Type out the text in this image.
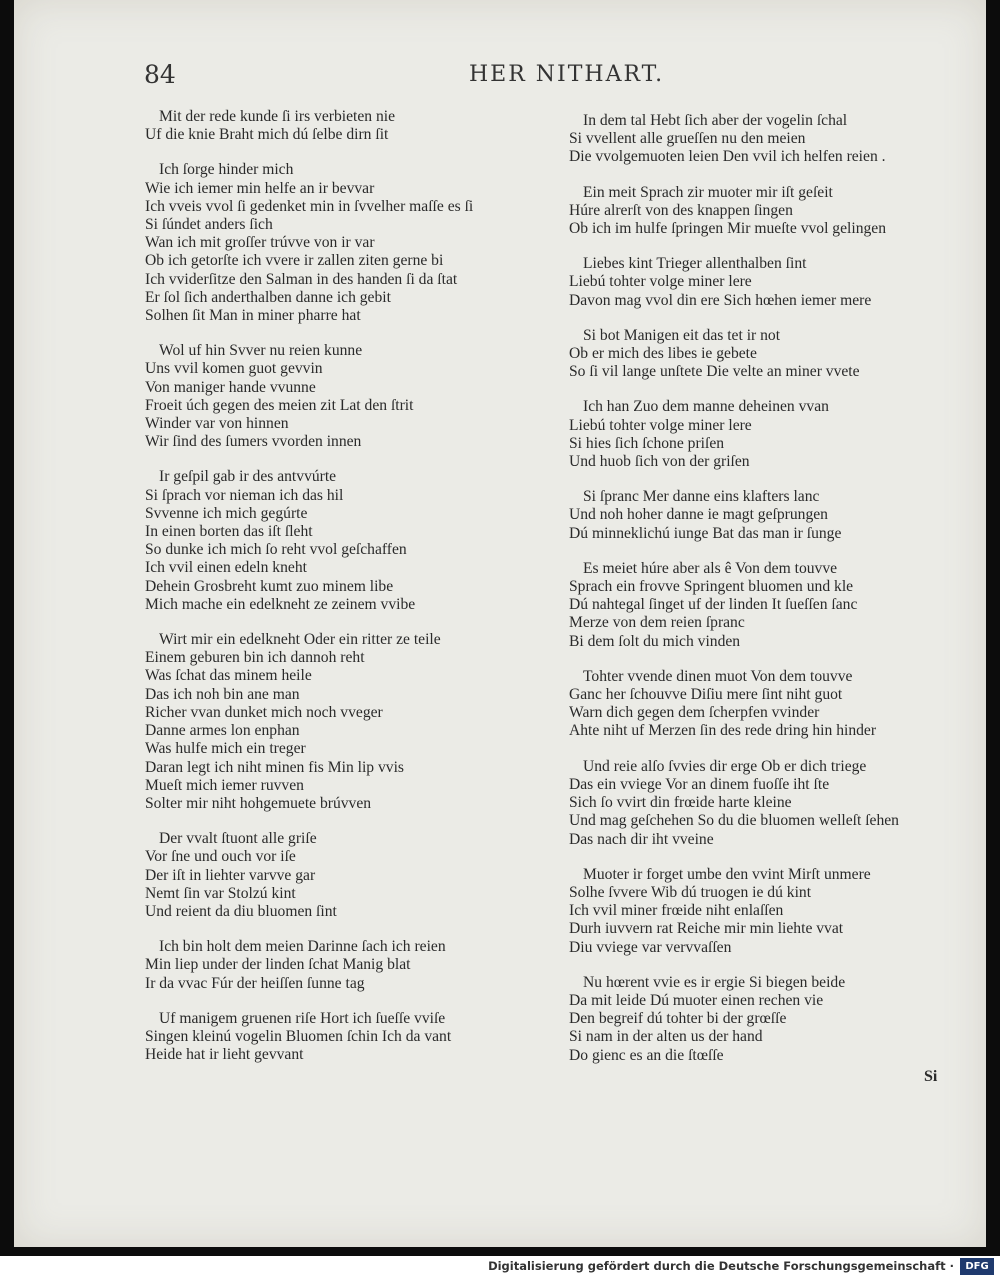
84	HER NITHART.
Mit der rede kunde ſi irs verbieten nie
Uf die knie Braht mich dú ſelbe dirn ſit
Ich ſorge hinder mich
Wie ich iemer min helfe an ir bevvar
Ich vveis vvol ſi gedenket min in ſvvelher maſſe es ſi
Si ſúndet anders ſich
Wan ich mit groſſer trúvve von ir var
Ob ich getorſte ich vvere ir zallen ziten gerne bi
Ich vviderſitze den Salman in des handen ſi da ſtat
Er ſol ſich anderthalben danne ich gebit
Solhen ſit Man in miner pharre hat
Wol uf hin Svver nu reien kunne
Uns vvil komen guot gevvin
Von maniger hande vvunne
Froeit úch gegen des meien zit Lat den ſtrit
Winder var von hinnen
Wir ſind des ſumers vvorden innen
Ir geſpil gab ir des antvvúrte
Si ſprach vor nieman ich das hil
Svvenne ich mich gegúrte
In einen borten das iſt ſleht
So dunke ich mich ſo reht vvol geſchaffen
Ich vvil einen edeln kneht
Dehein Grosbreht kumt zuo minem libe
Mich mache ein edelkneht ze zeinem vvibe
Wirt mir ein edelkneht Oder ein ritter ze teile
Einem geburen bin ich dannoh reht
Was ſchat das minem heile
Das ich noh bin ane man
Richer vvan dunket mich noch vveger
Danne armes lon enphan
Was hulfe mich ein treger
Daran legt ich niht minen fis Min lip vvis
Mueſt mich iemer ruvven
Solter mir niht hohgemuete brúvven
Der vvalt ſtuont alle griſe
Vor ſne und ouch vor iſe
Der iſt in liehter varvve gar
Nemt ſin var Stolzú kint
Und reient da diu bluomen ſint
Ich bin holt dem meien Darinne ſach ich reien
Min liep under der linden ſchat Manig blat
Ir da vvac Fúr der heiſſen ſunne tag
Uf manigem gruenen riſe Hort ich ſueſſe vviſe
Singen kleinú vogelin Bluomen ſchin Ich da vant
Heide hat ir lieht gevvant
In dem tal Hebt ſich aber der vogelin ſchal
Si vvellent alle grueſſen nu den meien
Die vvolgemuoten leien Den vvil ich helfen reien .
Ein meit Sprach zir muoter mir iſt geſeit
Húre alrerſt von des knappen ſingen
Ob ich im hulfe ſpringen Mir mueſte vvol gelingen
Liebes kint Trieger allenthalben ſint
Liebú tohter volge miner lere
Davon mag vvol din ere Sich hœhen iemer mere
Si bot Manigen eit das tet ir not
Ob er mich des libes ie gebete
So ſi vil lange unſtete Die velte an miner vvete
Ich han Zuo dem manne deheinen vvan
Liebú tohter volge miner lere
Si hies ſich ſchone priſen
Und huob ſich von der griſen
Si ſpranc Mer danne eins klafters lanc
Und noh hoher danne ie magt geſprungen
Dú minneklichú iunge Bat das man ir ſunge
Es meiet húre aber als ê Von dem touvve
Sprach ein frovve Springent bluomen und kle
Dú nahtegal ſinget uf der linden It ſueſſen ſanc
Merze von dem reien ſpranc
Bi dem ſolt du mich vinden
Tohter vvende dinen muot Von dem touvve
Ganc her ſchouvve Diſiu mere ſint niht guot
Warn dich gegen dem ſcherpfen vvinder
Ahte niht uf Merzen ſin des rede dring hin hinder
Und reie alſo ſvvies dir erge Ob er dich triege
Das ein vviege Vor an dinem fuoſſe iht ſte
Sich ſo vvirt din frœide harte kleine
Und mag geſchehen So du die bluomen welleſt ſehen
Das nach dir iht vveine
Muoter ir forget umbe den vvint Mirſt unmere
Solhe ſvvere Wib dú truogen ie dú kint
Ich vvil miner frœide niht enlaſſen
Durh iuvvern rat Reiche mir min liehte vvat
Diu vviege var vervvaſſen
Nu hœrent vvie es ir ergie Si biegen beide
Da mit leide Dú muoter einen rechen vie
Den begreif dú tohter bi der grœſſe
Si nam in der alten us der hand
Do gienc es an die ſtœſſe
Si
Digitalisierung gefördert durch die Deutsche Forschungsgemeinschaft ·	DFG
